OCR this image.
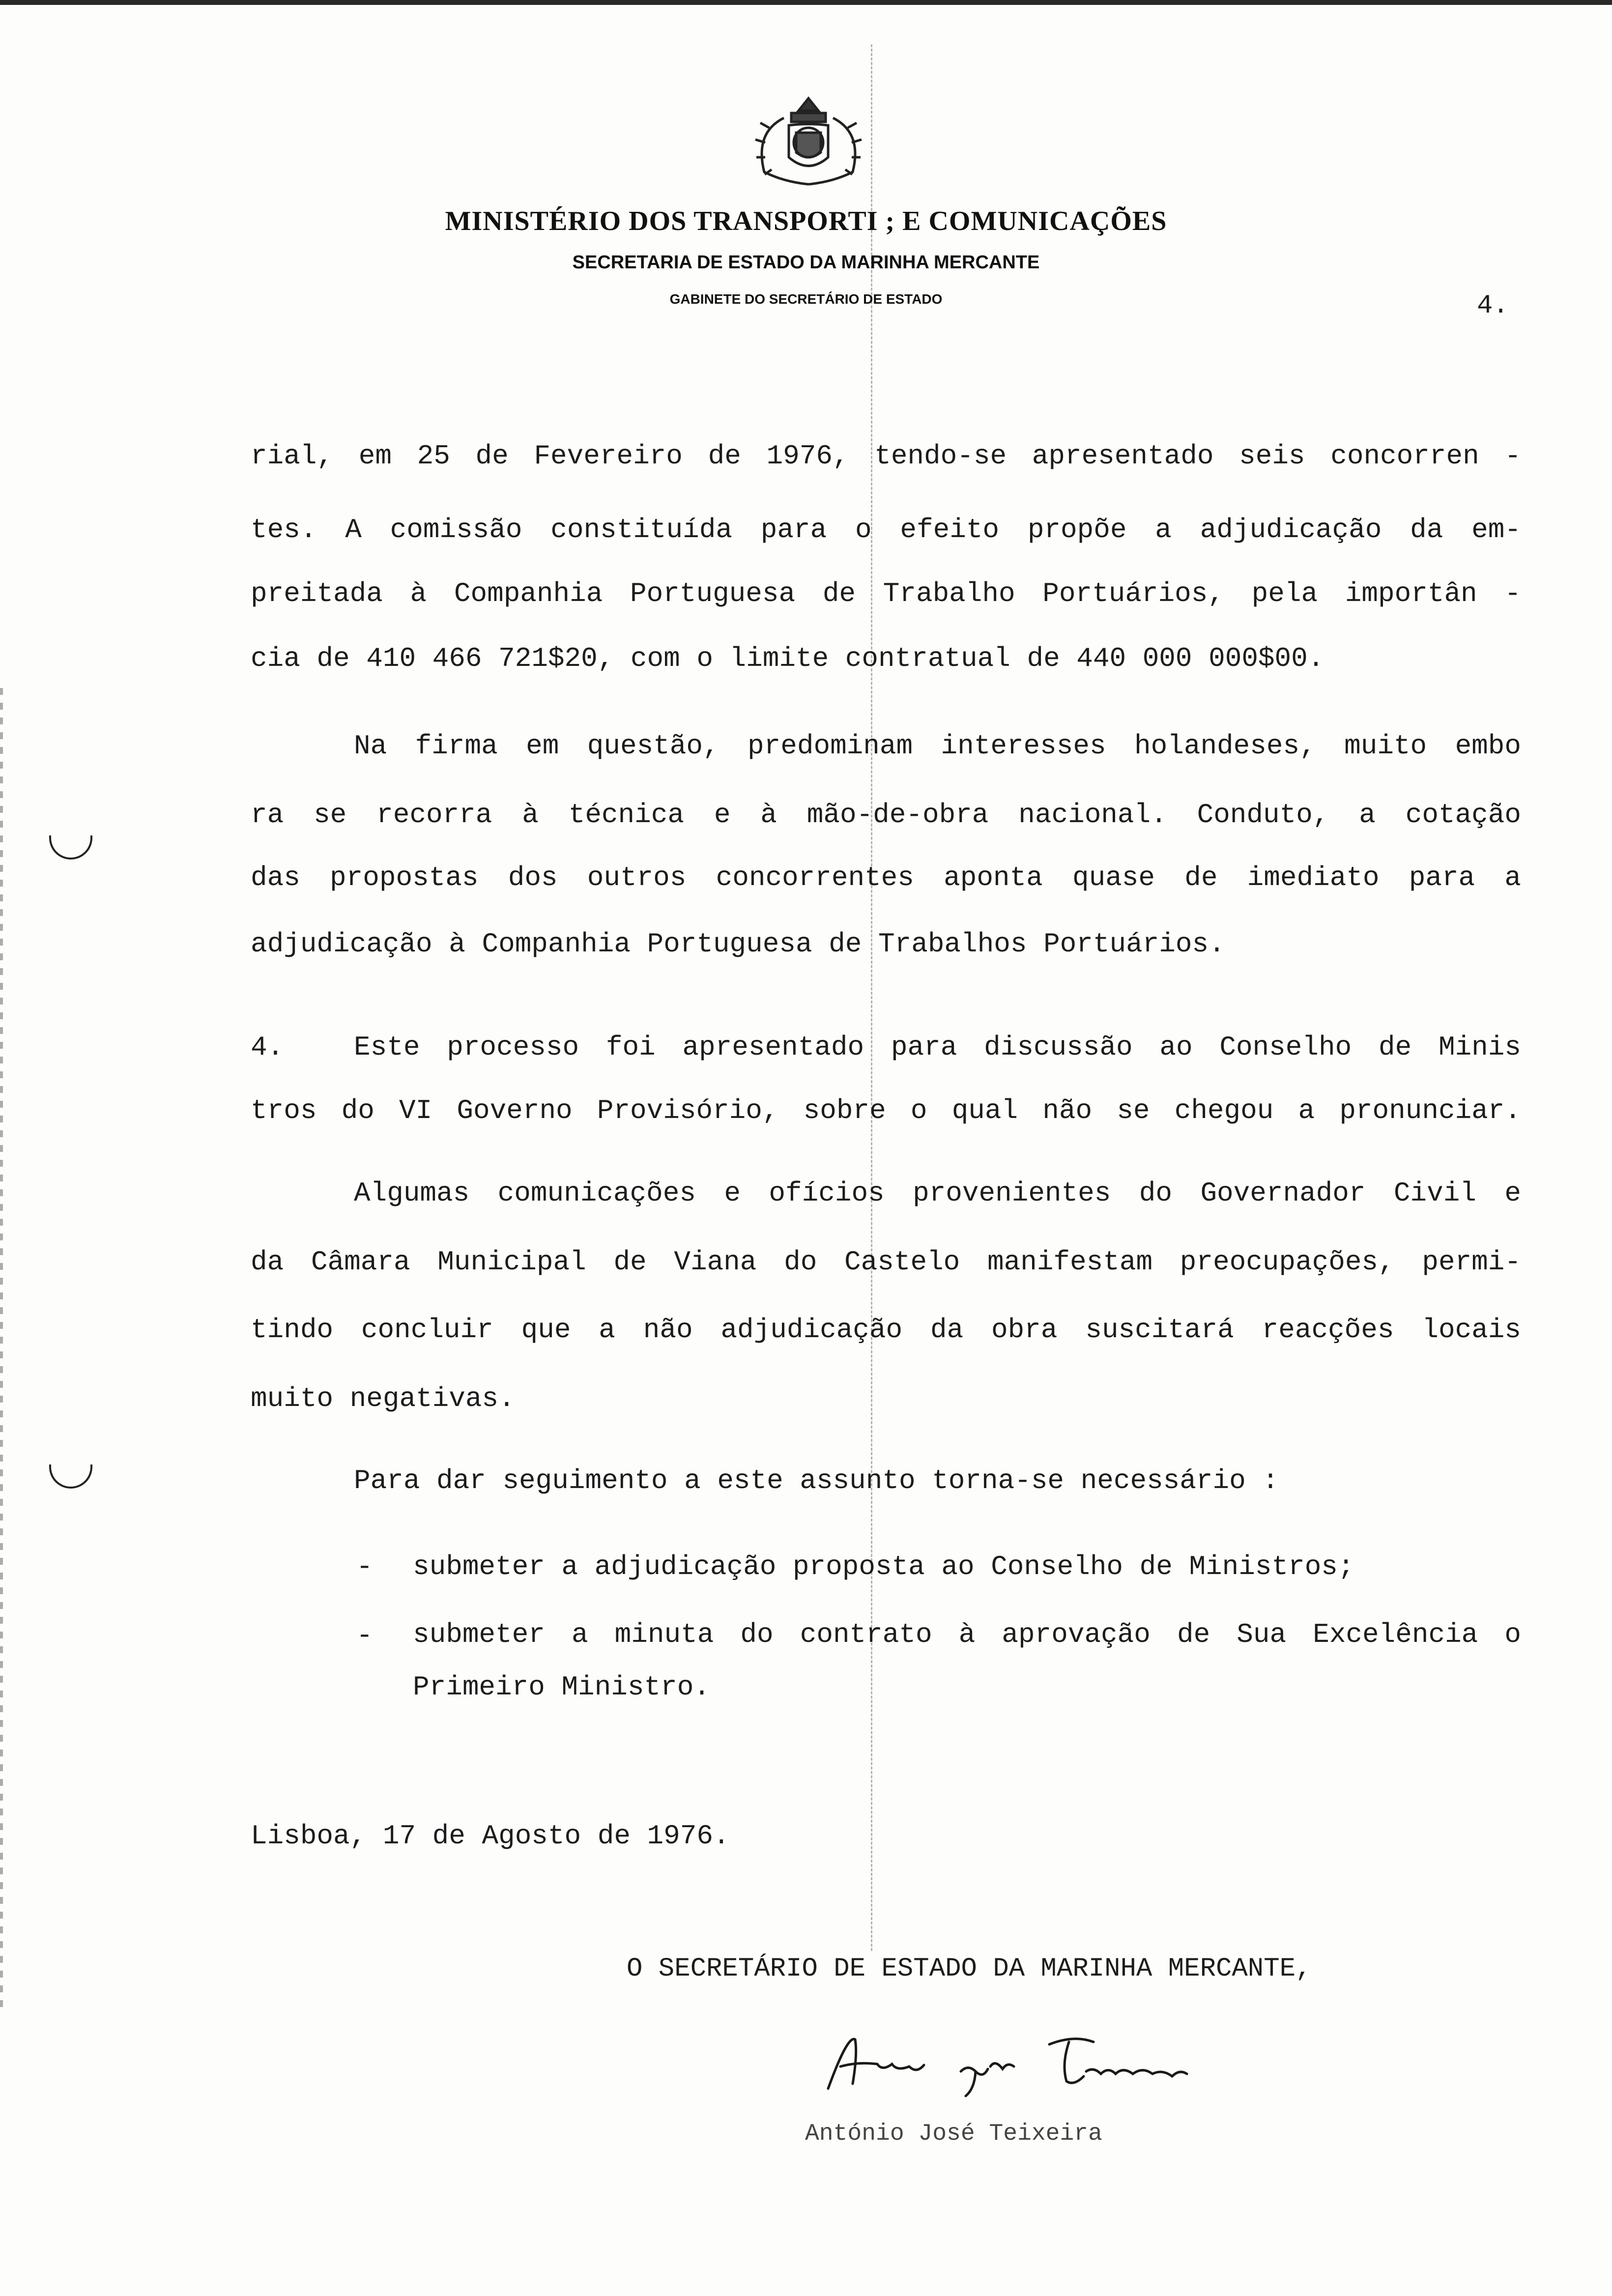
MINISTÉRIO DOS TRANSPORTI ; E COMUNICAÇÕES
SECRETARIA DE ESTADO DA MARINHA MERCANTE
GABINETE DO SECRETÁRIO DE ESTADO	4.
rial, em 25 de Fevereiro de 1976, tendo-se apresentado seis concorren -
tes. A comissão constituída para o efeito propõe a adjudicação da em-
preitada à Companhia Portuguesa de Trabalho Portuários, pela importân -
cia de 410 466 721$20, com o limite contratual de 440 000 000$00.
Na firma em questão, predominam interesses holandeses, muito embo
ra se recorra à técnica e à mão-de-obra nacional. Conduto, a cotação
das propostas dos outros concorrentes aponta quase de imediato para a
adjudicação à Companhia Portuguesa de Trabalhos Portuários.
4.	Este processo foi apresentado para discussão ao Conselho de Minis
tros do VI Governo Provisório, sobre o qual não se chegou a pronunciar.
Algumas comunicações e ofícios provenientes do Governador Civil e
da Câmara Municipal de Viana do Castelo manifestam preocupações, permi-
tindo concluir que a não adjudicação da obra suscitará reacções locais
muito negativas.
Para dar seguimento a este assunto torna-se necessário :
- submeter a adjudicação proposta ao Conselho de Ministros;
- submeter a minuta do contrato à aprovação de Sua Excelência o
Primeiro Ministro.
Lisboa, 17 de Agosto de 1976.
O SECRETÁRIO DE ESTADO DA MARINHA MERCANTE,
António José Teixeira
